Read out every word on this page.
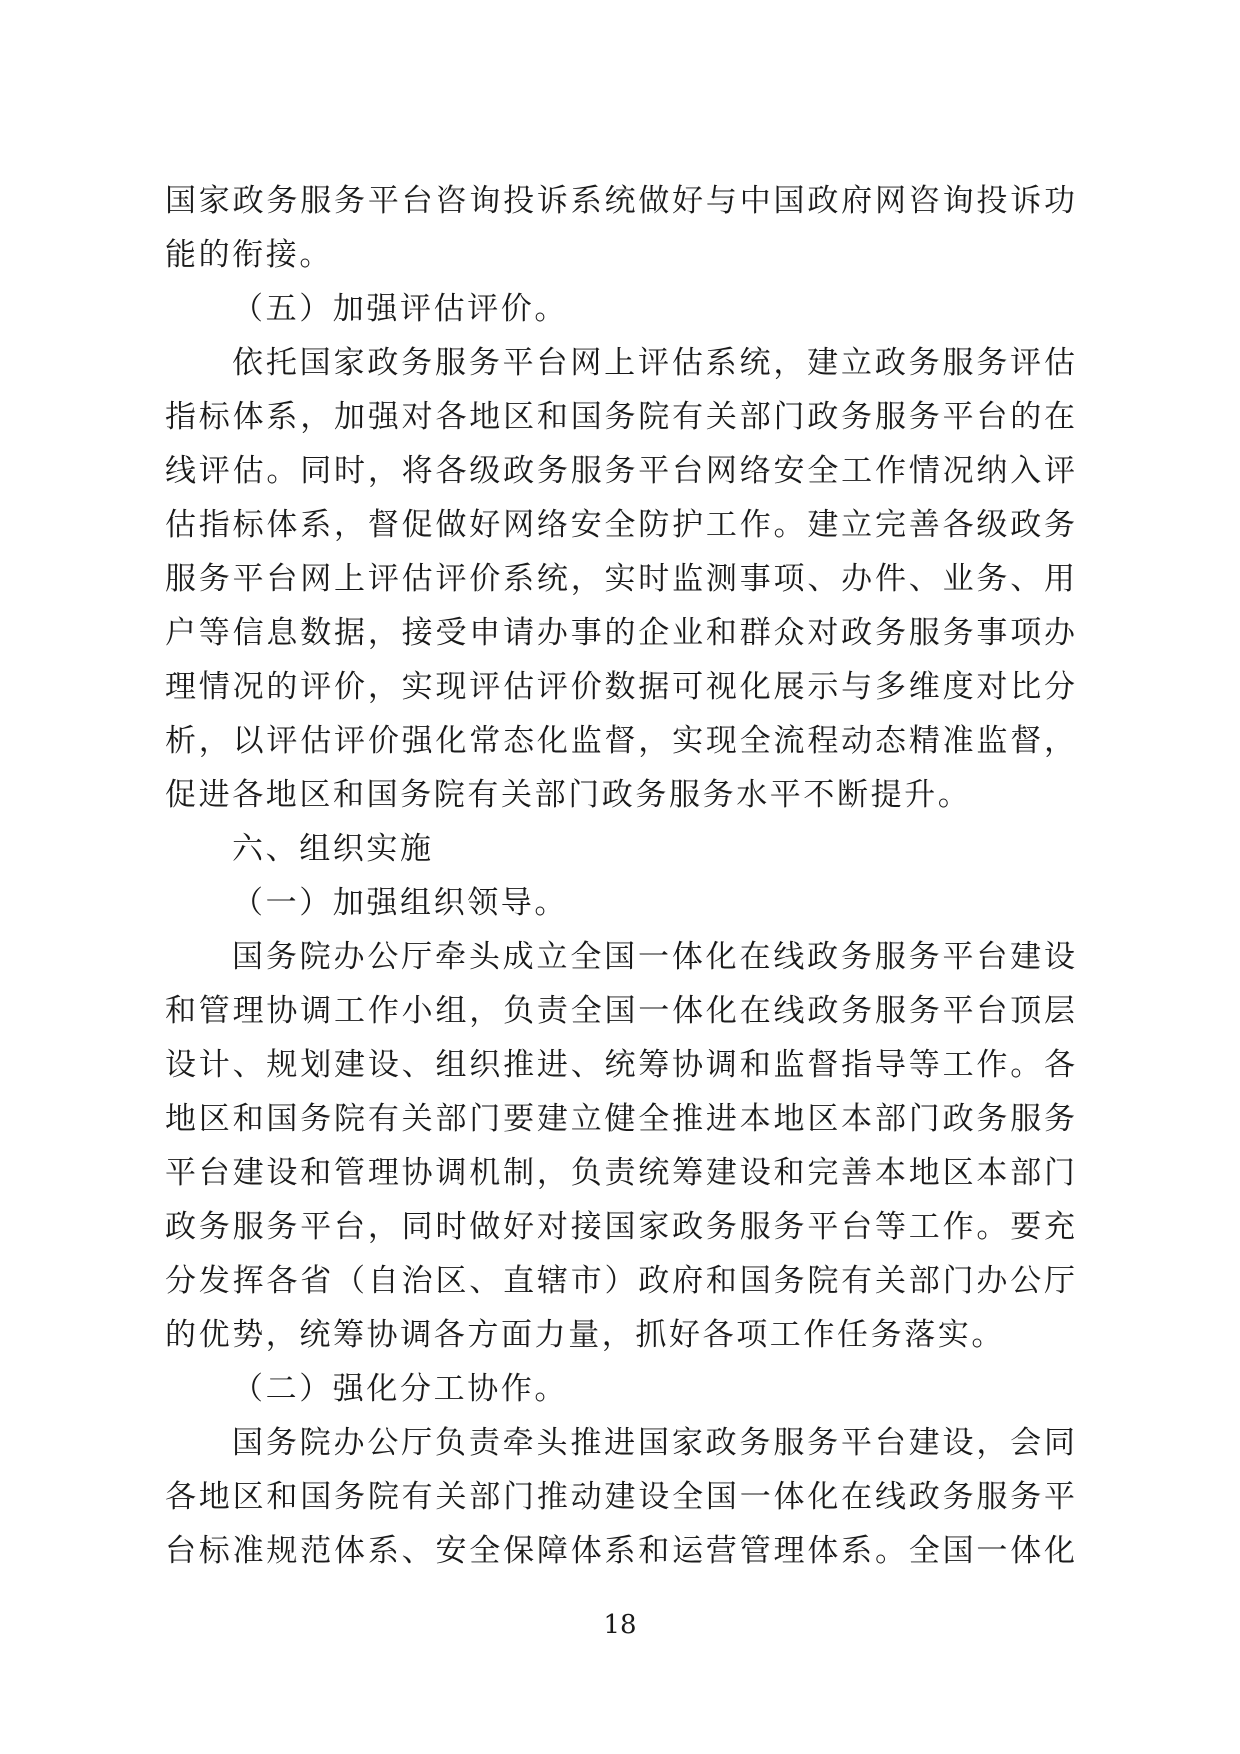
国家政务服务平台咨询投诉系统做好与中国政府网咨询投诉功
能的衔接。
（五）加强评估评价。
依托国家政务服务平台网上评估系统，建立政务服务评估
指标体系，加强对各地区和国务院有关部门政务服务平台的在
线评估。同时，将各级政务服务平台网络安全工作情况纳入评
估指标体系，督促做好网络安全防护工作。建立完善各级政务
服务平台网上评估评价系统，实时监测事项、办件、业务、用
户等信息数据，接受申请办事的企业和群众对政务服务事项办
理情况的评价，实现评估评价数据可视化展示与多维度对比分
析，以评估评价强化常态化监督，实现全流程动态精准监督，
促进各地区和国务院有关部门政务服务水平不断提升。
六、组织实施
（一）加强组织领导。
国务院办公厅牵头成立全国一体化在线政务服务平台建设
和管理协调工作小组，负责全国一体化在线政务服务平台顶层
设计、规划建设、组织推进、统筹协调和监督指导等工作。各
地区和国务院有关部门要建立健全推进本地区本部门政务服务
平台建设和管理协调机制，负责统筹建设和完善本地区本部门
政务服务平台，同时做好对接国家政务服务平台等工作。要充
分发挥各省（自治区、直辖市）政府和国务院有关部门办公厅
的优势，统筹协调各方面力量，抓好各项工作任务落实。
（二）强化分工协作。
国务院办公厅负责牵头推进国家政务服务平台建设，会同
各地区和国务院有关部门推动建设全国一体化在线政务服务平
台标准规范体系、安全保障体系和运营管理体系。全国一体化
18
